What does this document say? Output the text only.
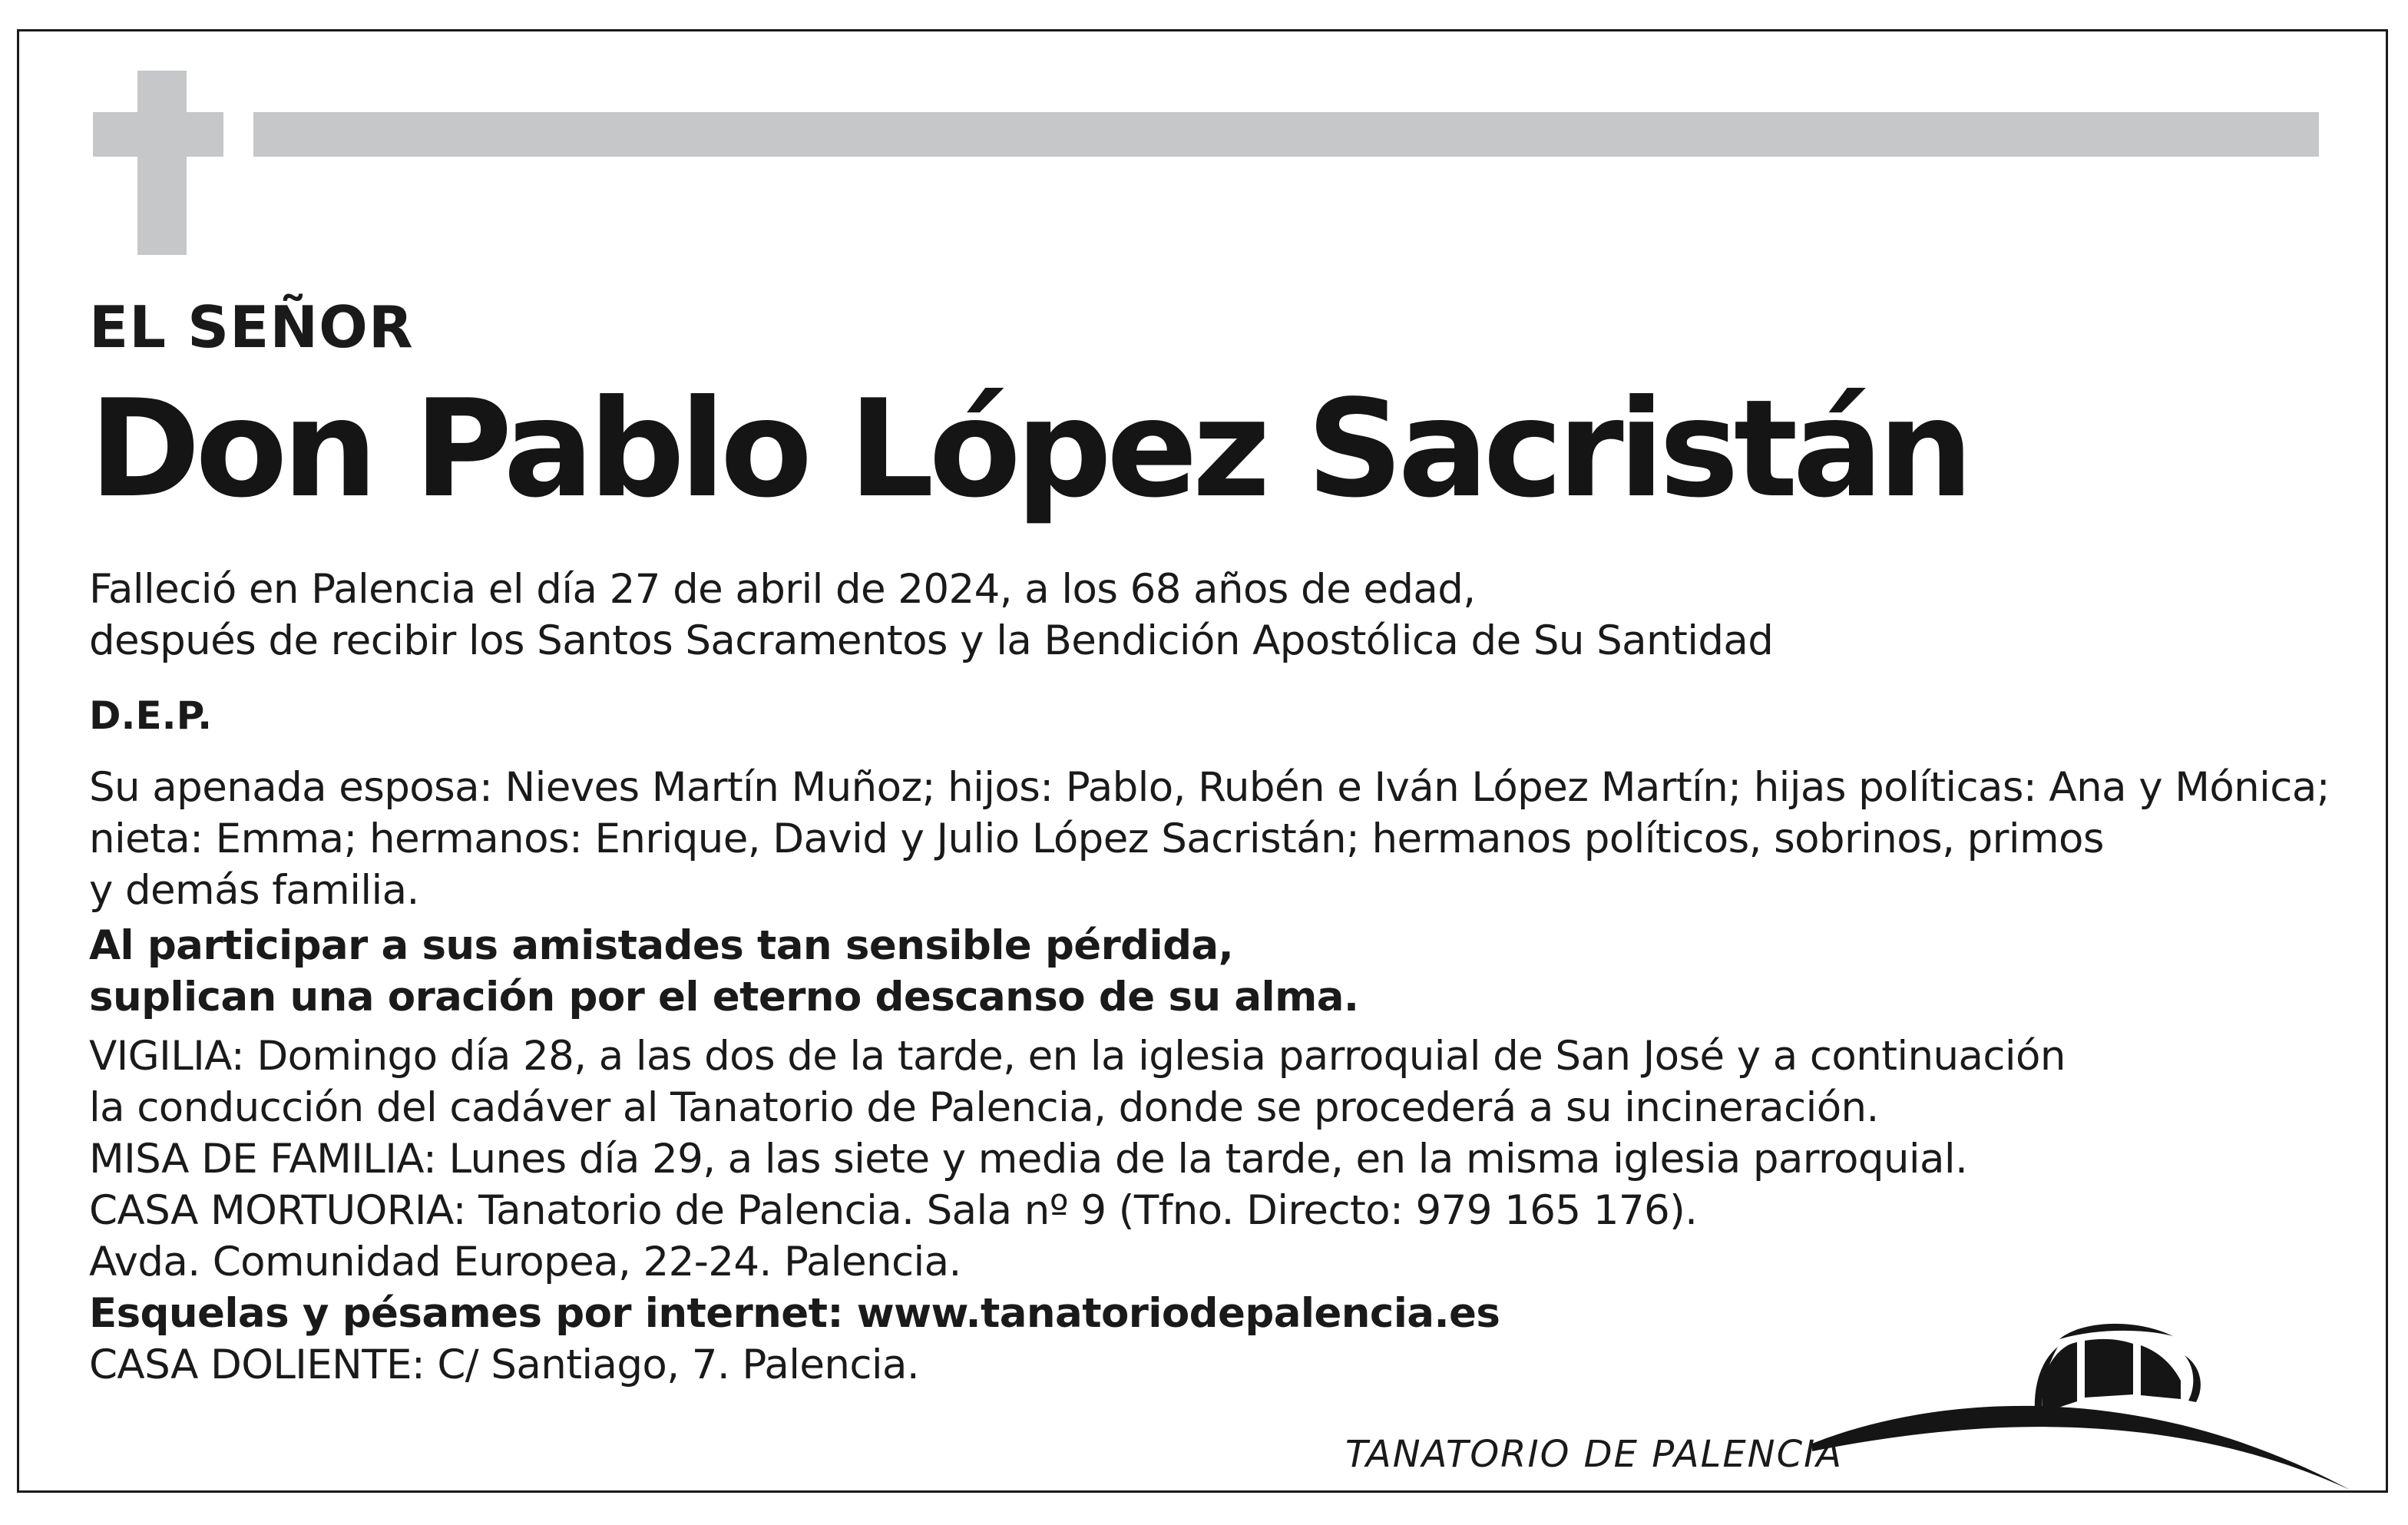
EL SEÑOR
Don Pablo López Sacristán
Falleció en Palencia el día 27 de abril de 2024, a los 68 años de edad,
después de recibir los Santos Sacramentos y la Bendición Apostólica de Su Santidad
D.E.P.
Su apenada esposa: Nieves Martín Muñoz; hijos: Pablo, Rubén e Iván López Martín; hijas políticas: Ana y Mónica;
nieta: Emma; hermanos: Enrique, David y Julio López Sacristán; hermanos políticos, sobrinos, primos
y demás familia.
Al participar a sus amistades tan sensible pérdida,
suplican una oración por el eterno descanso de su alma.
VIGILIA: Domingo día 28, a las dos de la tarde, en la iglesia parroquial de San José y a continuación
la conducción del cadáver al Tanatorio de Palencia, donde se procederá a su incineración.
MISA DE FAMILIA: Lunes día 29, a las siete y media de la tarde, en la misma iglesia parroquial.
CASA MORTUORIA: Tanatorio de Palencia. Sala nº 9 (Tfno. Directo: 979 165 176).
Avda. Comunidad Europea, 22-24. Palencia.
Esquelas y pésames por internet: www.tanatoriodepalencia.es
CASA DOLIENTE: C/ Santiago, 7. Palencia.
TANATORIO DE PALENCIA
